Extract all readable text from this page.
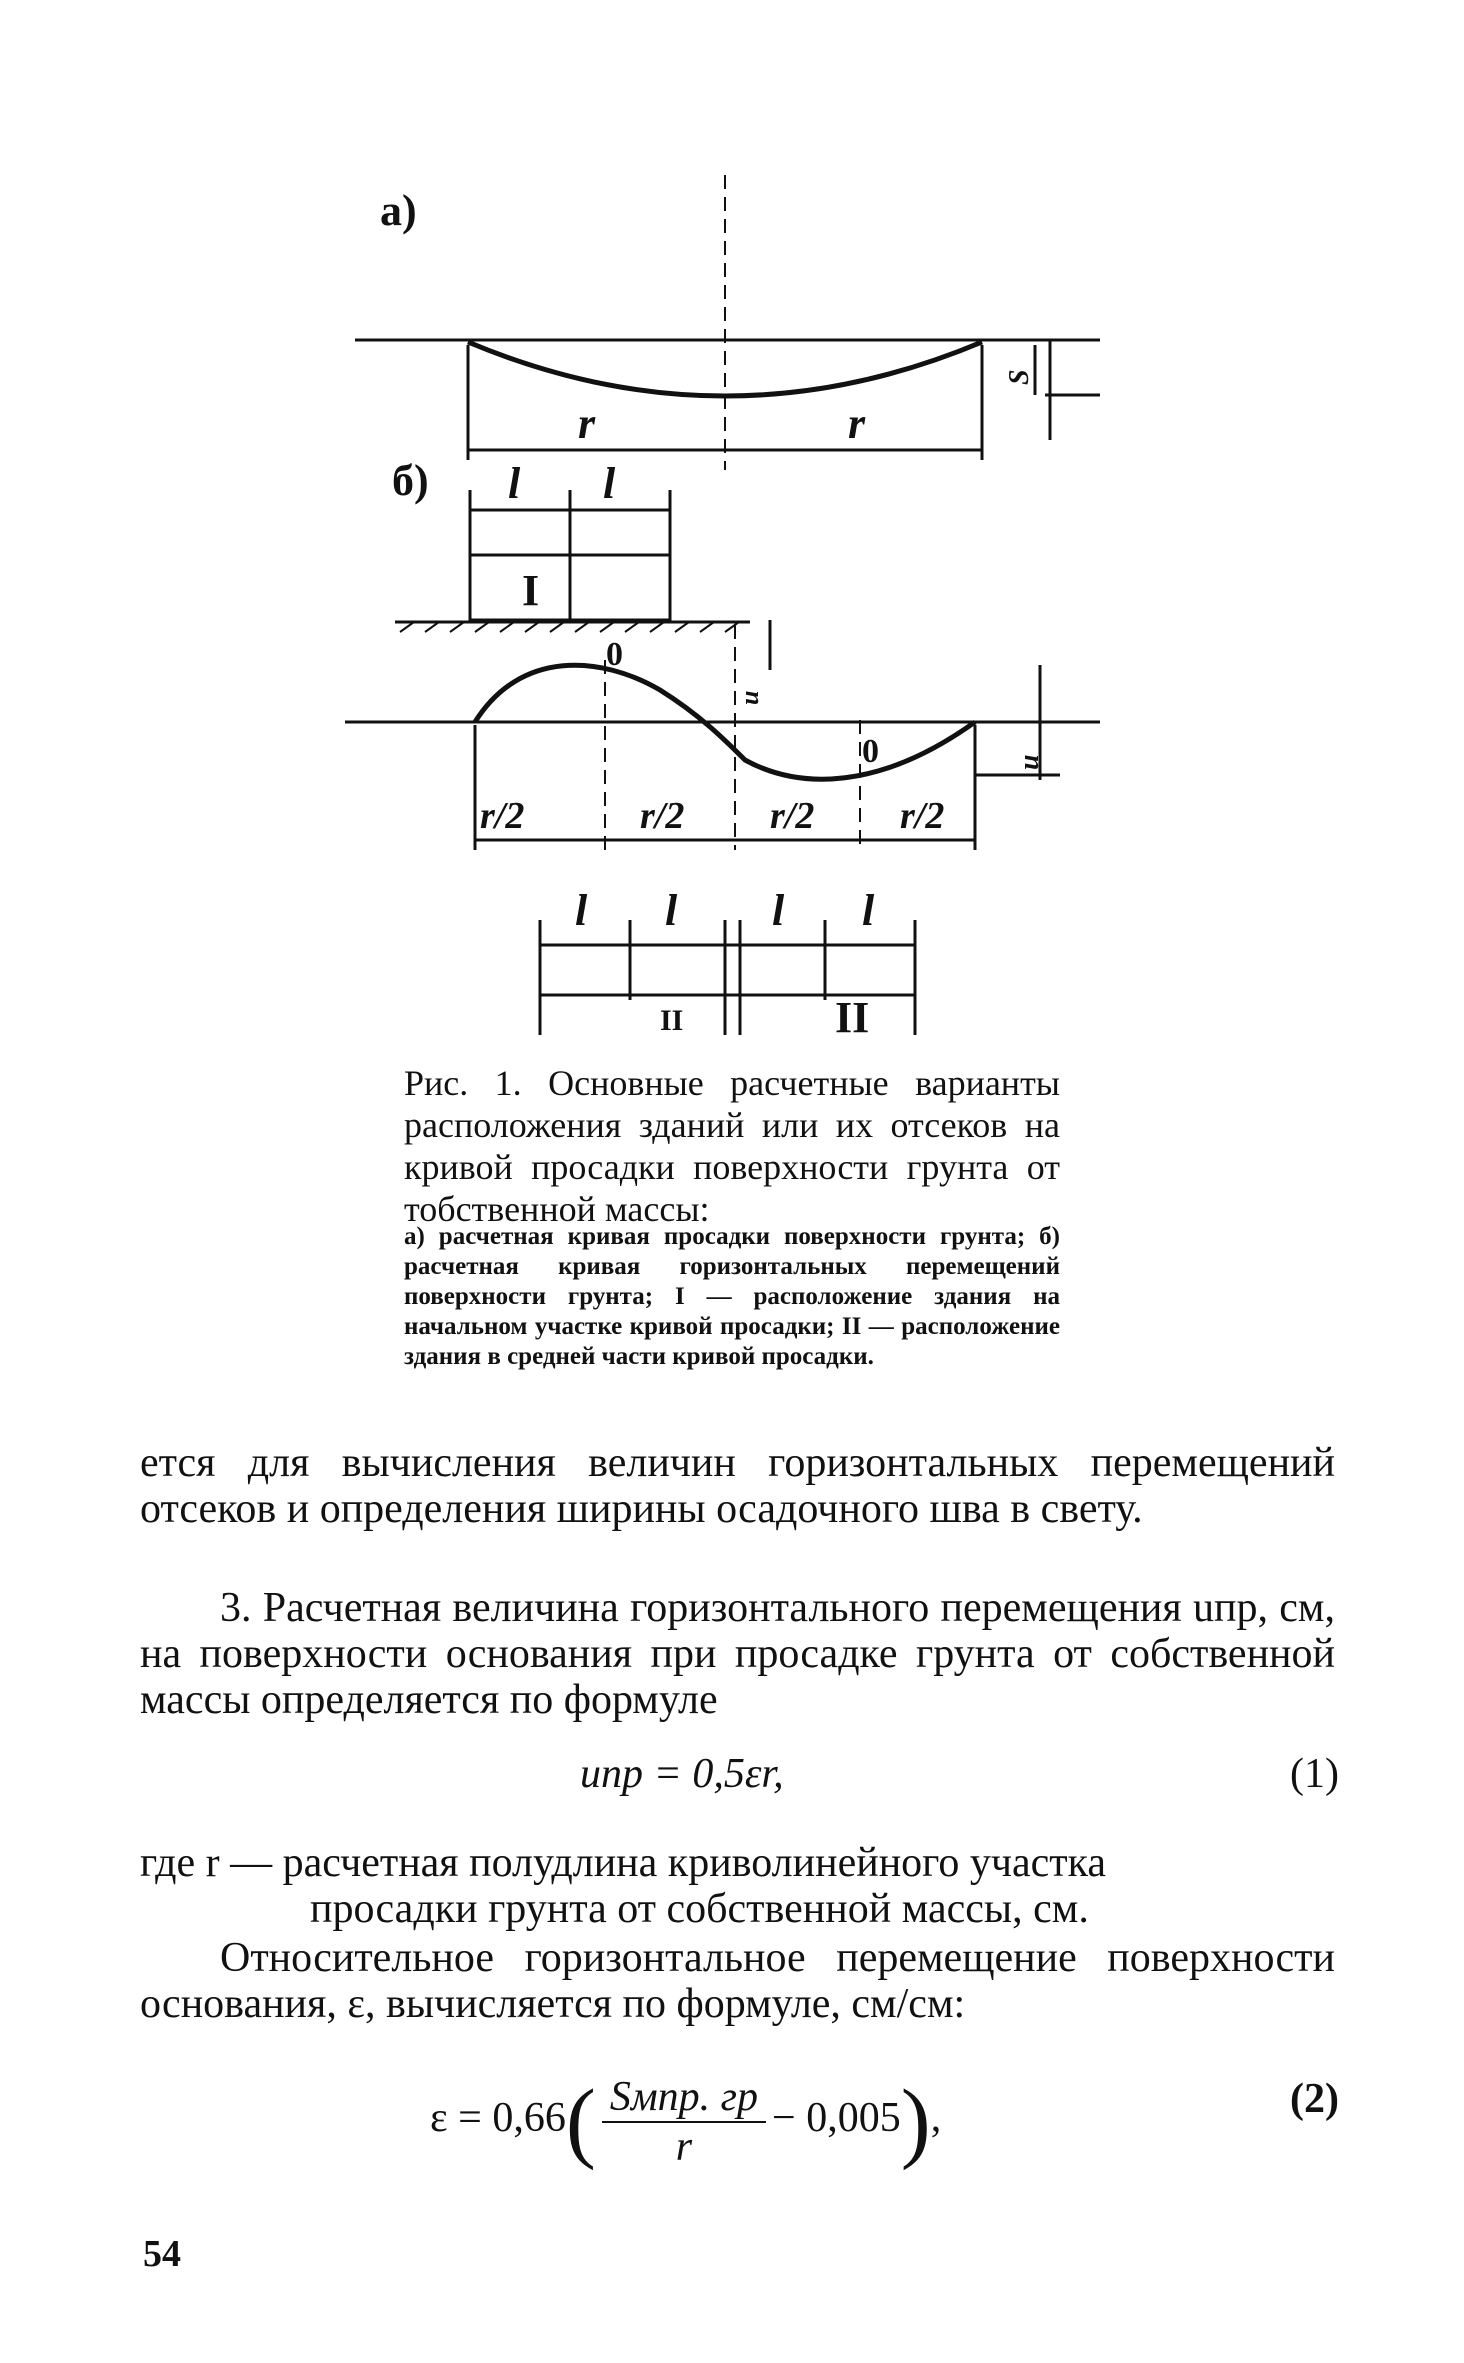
а)
б)
r	r
l l
I
0
0
r/2	r/2 r/2 r/2
l l l l
II	II
S
u
u
Рис. 1. Основные расчетные варианты расположения зданий или их отсеков на кривой просадки поверхности грунта от тобственной массы:
а) расчетная кривая просадки поверхности грунта; б) расчетная кривая горизонтальных перемещений поверхности грунта; I — расположение здания на начальном участке кривой просадки; II — расположение здания в средней части кривой просадки.
ется для вычисления величин горизонтальных перемещений отсеков и определения ширины осадочного шва в свету.
3. Расчетная величина горизонтального перемещения uпр, см, на поверхности основания при просадке грунта от собственной массы определяется по формуле
uпр = 0,5εr,	(1)
где r — расчетная полудлина криволинейного участка
просадки грунта от собственной массы, см.
Относительное горизонтальное перемещение поверхности основания, ε, вычисляется по формуле, см/см:
$\varepsilon = 0,66( \frac{\text{Sмпр. гр}}{r} - 0,005)$,	(2)
54
